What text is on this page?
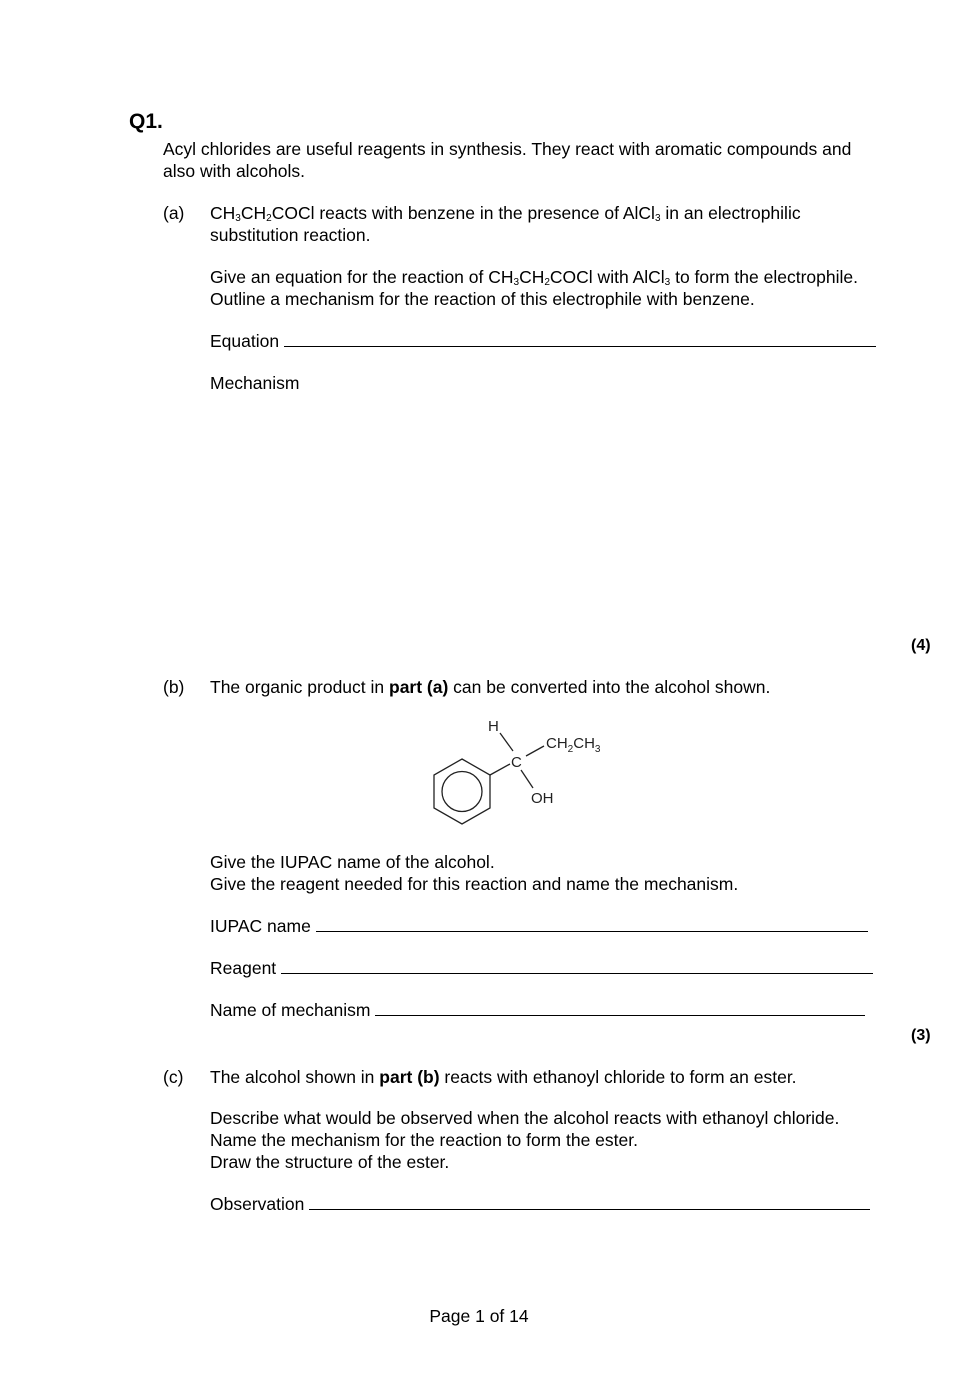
Q1.
Acyl chlorides are useful reagents in synthesis. They react with aromatic compounds and
also with alcohols.
(a) $CH_3CH_2COCl$ reacts with benzene in the presence of AlCl$_3$ in an electrophilic
substitution reaction.
Give an equation for the reaction of $CH_3CH_2COCl$ with AlCl$_3$ to form the electrophile.
Outline a mechanism for the reaction of this electrophile with benzene.
Equation
Mechanism
(4)
(b) The organic product in part (a) can be converted into the alcohol shown.
H
C
OH
$CH_2CH_3$
Give the IUPAC name of the alcohol.
Give the reagent needed for this reaction and name the mechanism.
IUPAC name
Reagent
Name of mechanism
(3)
(c) The alcohol shown in part (b) reacts with ethanoyl chloride to form an ester.
Describe what would be observed when the alcohol reacts with ethanoyl chloride.
Name the mechanism for the reaction to form the ester.
Draw the structure of the ester.
Observation
Page 1 of 14
